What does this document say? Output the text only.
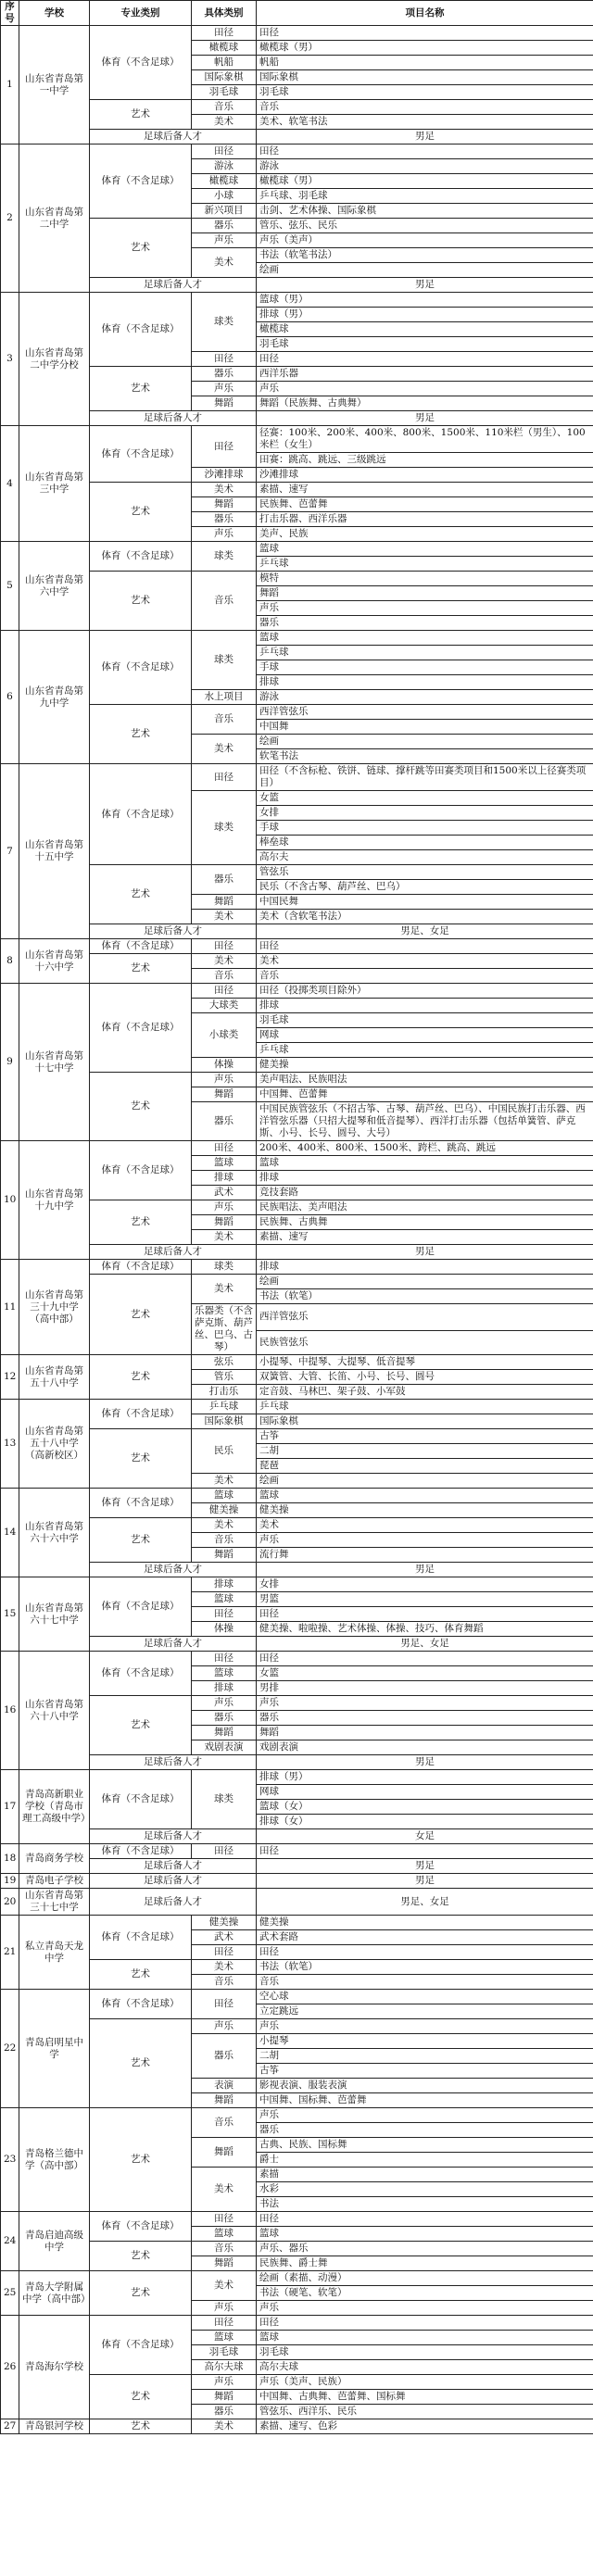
序号	学校	专业类别	具体类别	项目名称
1	山东省青岛第一中学	体育（不含足球）	田径	田径
			橄榄球	橄榄球（男）
			帆船	帆船
			国际象棋	国际象棋
			羽毛球	羽毛球
		艺术	音乐	音乐
			美术	美术、软笔书法
		足球后备人才		男足
2	山东省青岛第二中学	体育（不含足球）	田径	田径
			游泳	游泳
			橄榄球	橄榄球（男）
			小球	乒乓球、羽毛球
			新兴项目	击剑、艺术体操、国际象棋
		艺术	器乐	管乐、弦乐、民乐
			声乐	声乐（美声）
			美术	书法（软笔书法）
				绘画
		足球后备人才		男足
3	山东省青岛第二中学分校	体育（不含足球）	球类	篮球（男）
				排球（男）
				橄榄球
				羽毛球
			田径	田径
		艺术	器乐	西洋乐器
			声乐	声乐
			舞蹈	舞蹈（民族舞、古典舞）
		足球后备人才		男足
4	山东省青岛第三中学	体育（不含足球）	田径	径赛：100米、200米、400米、800米、1500米、110米栏（男生）、100米栏（女生）
				田赛：跳高、跳远、三级跳远
			沙滩排球	沙滩排球
		艺术	美术	素描、速写
			舞蹈	民族舞、芭蕾舞
			器乐	打击乐器、西洋乐器
			声乐	美声、民族
5	山东省青岛第六中学	体育（不含足球）	球类	篮球
				乒乓球
		艺术	音乐	模特
				舞蹈
				声乐
				器乐
6	山东省青岛第九中学	体育（不含足球）	球类	篮球
				乒乓球
				手球
				排球
			水上项目	游泳
		艺术	音乐	西洋管弦乐
				中国舞
			美术	绘画
				软笔书法
7	山东省青岛第十五中学	体育（不含足球）	田径	田径（不含标枪、铁饼、链球、撑杆跳等田赛类项目和1500米以上径赛类项目）
			球类	女篮
				女排
				手球
				棒垒球
				高尔夫
		艺术	器乐	管弦乐
				民乐（不含古琴、葫芦丝、巴乌）
			舞蹈	中国民舞
			美术	美术（含软笔书法）
		足球后备人才		男足、女足
8	山东省青岛第十六中学	体育（不含足球）	田径	田径
		艺术	美术	美术
			音乐	音乐
9	山东省青岛第十七中学	体育（不含足球）	田径	田径（投掷类项目除外）
			大球类	排球
			小球类	羽毛球
				网球
				乒乓球
			体操	健美操
		艺术	声乐	美声唱法、民族唱法
			舞蹈	中国舞、芭蕾舞
			器乐	中国民族管弦乐（不招古筝、古琴、葫芦丝、巴乌）、中国民族打击乐器、西洋管弦乐器（只招大提琴和低音提琴）、西洋打击乐器（包括单簧管、萨克斯、小号、长号、圆号、大号）
10	山东省青岛第十九中学	体育（不含足球）	田径	200米、400米、800米、1500米、跨栏、跳高、跳远
			篮球	篮球
			排球	排球
			武术	竞技套路
		艺术	声乐	民族唱法、美声唱法
			舞蹈	民族舞、古典舞
			美术	素描、速写
		足球后备人才		男足
11	山东省青岛第三十九中学（高中部）	体育（不含足球）	球类	排球
		艺术	美术	绘画
				书法（软笔）
			乐器类（不含萨克斯、葫芦丝、巴乌、古琴）	西洋管弦乐
				民族管弦乐
12	山东省青岛第五十八中学	艺术	弦乐	小提琴、中提琴、大提琴、低音提琴
			管乐	双簧管、大管、长笛、小号、长号、圆号
			打击乐	定音鼓、马林巴、架子鼓、小军鼓
13	山东省青岛第五十八中学（高新校区）	体育（不含足球）	乒乓球	乒乓球
			国际象棋	国际象棋
		艺术	民乐	古筝
				二胡
				琵琶
			美术	绘画
14	山东省青岛第六十六中学	体育（不含足球）	篮球	篮球
			健美操	健美操
		艺术	美术	美术
			音乐	声乐
			舞蹈	流行舞
		足球后备人才		男足
15	山东省青岛第六十七中学	体育（不含足球）	排球	女排
			篮球	男篮
			田径	田径
			体操	健美操、啦啦操、艺术体操、体操、技巧、体育舞蹈
		足球后备人才		男足、女足
16	山东省青岛第六十八中学	体育（不含足球）	田径	田径
			篮球	女篮
			排球	男排
		艺术	声乐	声乐
			器乐	器乐
			舞蹈	舞蹈
			戏剧表演	戏剧表演
		足球后备人才		男足
17	青岛高新职业学校（青岛市理工高级中学）	体育（不含足球）	球类	排球（男）
				网球
				篮球（女）
				排球（女）
		足球后备人才		女足
18	青岛商务学校	体育（不含足球）	田径	田径
		足球后备人才		男足
19	青岛电子学校	足球后备人才		男足
20	山东省青岛第三十七中学	足球后备人才		男足、女足
21	私立青岛天龙中学	体育（不含足球）	健美操	健美操
			武术	武术套路
			田径	田径
		艺术	美术	书法（软笔）
			音乐	音乐
22	青岛启明星中学	体育（不含足球）	田径	空心球
				立定跳远
		艺术	声乐	声乐
			器乐	小提琴
				二胡
				古筝
			表演	影视表演、服装表演
			舞蹈	中国舞、国标舞、芭蕾舞
23	青岛格兰德中学（高中部）	艺术	音乐	声乐
				器乐
			舞蹈	古典、民族、国标舞
				爵士
			美术	素描
				水彩
				书法
24	青岛启迪高级中学	体育（不含足球）	田径	田径
			篮球	篮球
		艺术	音乐	声乐、器乐
			舞蹈	民族舞、爵士舞
25	青岛大学附属中学（高中部）	艺术	美术	绘画（素描、动漫）
				书法（硬笔、软笔）
			声乐	声乐
26	青岛海尔学校	体育（不含足球）	田径	田径
			篮球	篮球
			羽毛球	羽毛球
			高尔夫球	高尔夫球
		艺术	声乐	声乐（美声、民族）
			舞蹈	中国舞、古典舞、芭蕾舞、国标舞
			器乐	管弦乐、西洋乐、民乐
27	青岛银河学校	艺术	美术	素描、速写、色彩
